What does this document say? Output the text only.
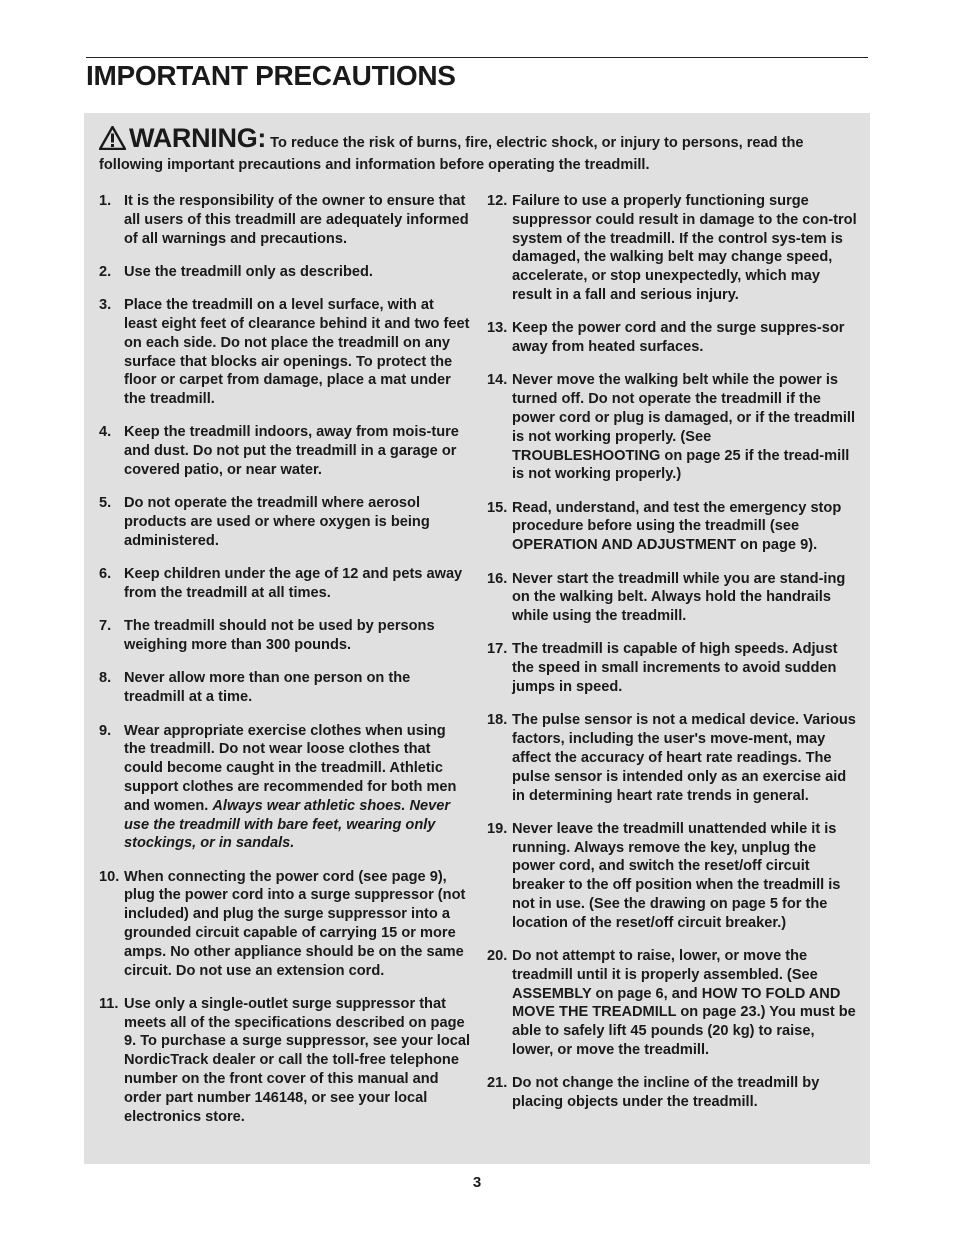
IMPORTANT PRECAUTIONS
WARNING: To reduce the risk of burns, fire, electric shock, or injury to persons, read the following important precautions and information before operating the treadmill.
1. It is the responsibility of the owner to ensure that all users of this treadmill are adequately informed of all warnings and precautions.
2. Use the treadmill only as described.
3. Place the treadmill on a level surface, with at least eight feet of clearance behind it and two feet on each side. Do not place the treadmill on any surface that blocks air openings. To protect the floor or carpet from damage, place a mat under the treadmill.
4. Keep the treadmill indoors, away from mois-ture and dust. Do not put the treadmill in a garage or covered patio, or near water.
5. Do not operate the treadmill where aerosol products are used or where oxygen is being administered.
6. Keep children under the age of 12 and pets away from the treadmill at all times.
7. The treadmill should not be used by persons weighing more than 300 pounds.
8. Never allow more than one person on the treadmill at a time.
9. Wear appropriate exercise clothes when using the treadmill. Do not wear loose clothes that could become caught in the treadmill. Athletic support clothes are recommended for both men and women. Always wear athletic shoes. Never use the treadmill with bare feet, wearing only stockings, or in sandals.
10. When connecting the power cord (see page 9), plug the power cord into a surge suppressor (not included) and plug the surge suppressor into a grounded circuit capable of carrying 15 or more amps. No other appliance should be on the same circuit. Do not use an extension cord.
11. Use only a single-outlet surge suppressor that meets all of the specifications described on page 9. To purchase a surge suppressor, see your local NordicTrack dealer or call the toll-free telephone number on the front cover of this manual and order part number 146148, or see your local electronics store.
12. Failure to use a properly functioning surge suppressor could result in damage to the con-trol system of the treadmill. If the control sys-tem is damaged, the walking belt may change speed, accelerate, or stop unexpectedly, which may result in a fall and serious injury.
13. Keep the power cord and the surge suppres-sor away from heated surfaces.
14. Never move the walking belt while the power is turned off. Do not operate the treadmill if the power cord or plug is damaged, or if the treadmill is not working properly. (See TROUBLESHOOTING on page 25 if the tread-mill is not working properly.)
15. Read, understand, and test the emergency stop procedure before using the treadmill (see OPERATION AND ADJUSTMENT on page 9).
16. Never start the treadmill while you are stand-ing on the walking belt. Always hold the handrails while using the treadmill.
17. The treadmill is capable of high speeds. Adjust the speed in small increments to avoid sudden jumps in speed.
18. The pulse sensor is not a medical device. Various factors, including the user's move-ment, may affect the accuracy of heart rate readings. The pulse sensor is intended only as an exercise aid in determining heart rate trends in general.
19. Never leave the treadmill unattended while it is running. Always remove the key, unplug the power cord, and switch the reset/off circuit breaker to the off position when the treadmill is not in use. (See the drawing on page 5 for the location of the reset/off circuit breaker.)
20. Do not attempt to raise, lower, or move the treadmill until it is properly assembled. (See ASSEMBLY on page 6, and HOW TO FOLD AND MOVE THE TREADMILL on page 23.) You must be able to safely lift 45 pounds (20 kg) to raise, lower, or move the treadmill.
21. Do not change the incline of the treadmill by placing objects under the treadmill.
3
